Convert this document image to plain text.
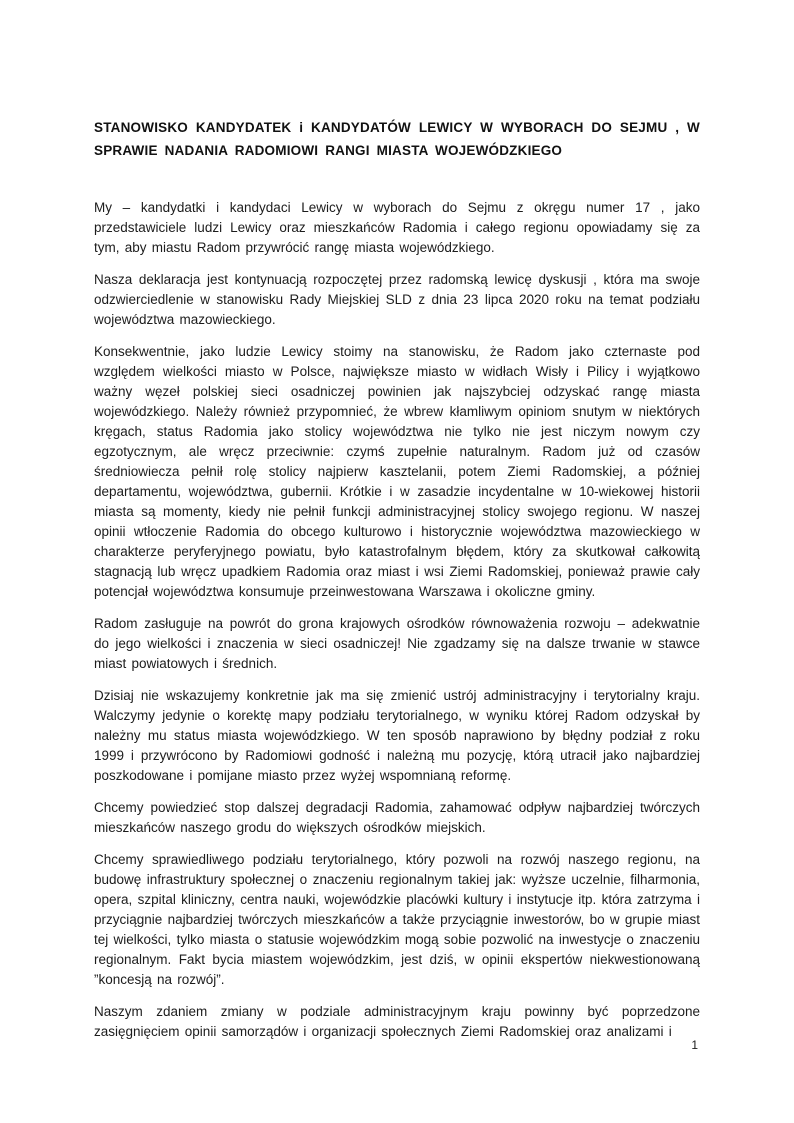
STANOWISKO KANDYDATEK i KANDYDATÓW LEWICY W WYBORACH DO SEJMU , W SPRAWIE NADANIA RADOMIOWI RANGI MIASTA WOJEWÓDZKIEGO

My – kandydatki i kandydaci Lewicy w wyborach do Sejmu z okręgu numer 17 , jako przedstawiciele ludzi Lewicy oraz mieszkańców Radomia i całego regionu opowiadamy się za tym, aby miastu Radom przywrócić rangę miasta wojewódzkiego.

Nasza deklaracja jest kontynuacją rozpoczętej przez radomską lewicę dyskusji , która ma swoje odzwierciedlenie w stanowisku Rady Miejskiej SLD z dnia 23 lipca 2020 roku na temat podziału województwa mazowieckiego.

Konsekwentnie, jako ludzie Lewicy stoimy na stanowisku, że Radom jako czternaste pod względem wielkości miasto w Polsce, największe miasto w widłach Wisły i Pilicy i wyjątkowo ważny węzeł polskiej sieci osadniczej powinien jak najszybciej odzyskać rangę miasta wojewódzkiego. Należy również przypomnieć, że wbrew kłamliwym opiniom snutym w niektórych kręgach, status Radomia jako stolicy województwa nie tylko nie jest niczym nowym czy egzotycznym, ale wręcz przeciwnie: czymś zupełnie naturalnym. Radom już od czasów średniowiecza pełnił rolę stolicy najpierw kasztelanii, potem Ziemi Radomskiej, a później departamentu, województwa, gubernii. Krótkie i w zasadzie incydentalne w 10-wiekowej historii miasta są momenty, kiedy nie pełnił funkcji administracyjnej stolicy swojego regionu. W naszej opinii wtłoczenie Radomia do obcego kulturowo i historycznie województwa mazowieckiego w charakterze peryferyjnego powiatu, było katastrofalnym błędem, który za skutkował całkowitą stagnacją lub wręcz upadkiem Radomia oraz miast i wsi Ziemi Radomskiej, ponieważ prawie cały potencjał województwa konsumuje przeinwestowana Warszawa i okoliczne gminy.

Radom zasługuje na powrót do grona krajowych ośrodków równoważenia rozwoju – adekwatnie do jego wielkości i znaczenia w sieci osadniczej! Nie zgadzamy się na dalsze trwanie w stawce miast powiatowych i średnich.

Dzisiaj nie wskazujemy konkretnie jak ma się zmienić ustrój administracyjny i terytorialny kraju. Walczymy jedynie o korektę mapy podziału terytorialnego, w wyniku której Radom odzyskał by należny mu status miasta wojewódzkiego. W ten sposób naprawiono by błędny podział z roku 1999 i przywrócono by Radomiowi godność i należną mu pozycję, którą utracił jako najbardziej poszkodowane i pomijane miasto przez wyżej wspomnianą reformę.

Chcemy powiedzieć stop dalszej degradacji Radomia, zahamować odpływ najbardziej twórczych mieszkańców naszego grodu do większych ośrodków miejskich.

Chcemy sprawiedliwego podziału terytorialnego, który pozwoli na rozwój naszego regionu, na budowę infrastruktury społecznej o znaczeniu regionalnym takiej jak: wyższe uczelnie, filharmonia, opera, szpital kliniczny, centra nauki, wojewódzkie placówki kultury i instytucje itp. która zatrzyma i przyciągnie najbardziej twórczych mieszkańców a także przyciągnie inwestorów, bo w grupie miast tej wielkości, tylko miasta o statusie wojewódzkim mogą sobie pozwolić na inwestycje o znaczeniu regionalnym. Fakt bycia miastem wojewódzkim, jest dziś, w opinii ekspertów niekwestionowaną ”koncesją na rozwój”.

Naszym zdaniem zmiany w podziale administracyjnym kraju powinny być poprzedzone zasięgnięciem opinii samorządów i organizacji społecznych Ziemi Radomskiej oraz analizami i

1
